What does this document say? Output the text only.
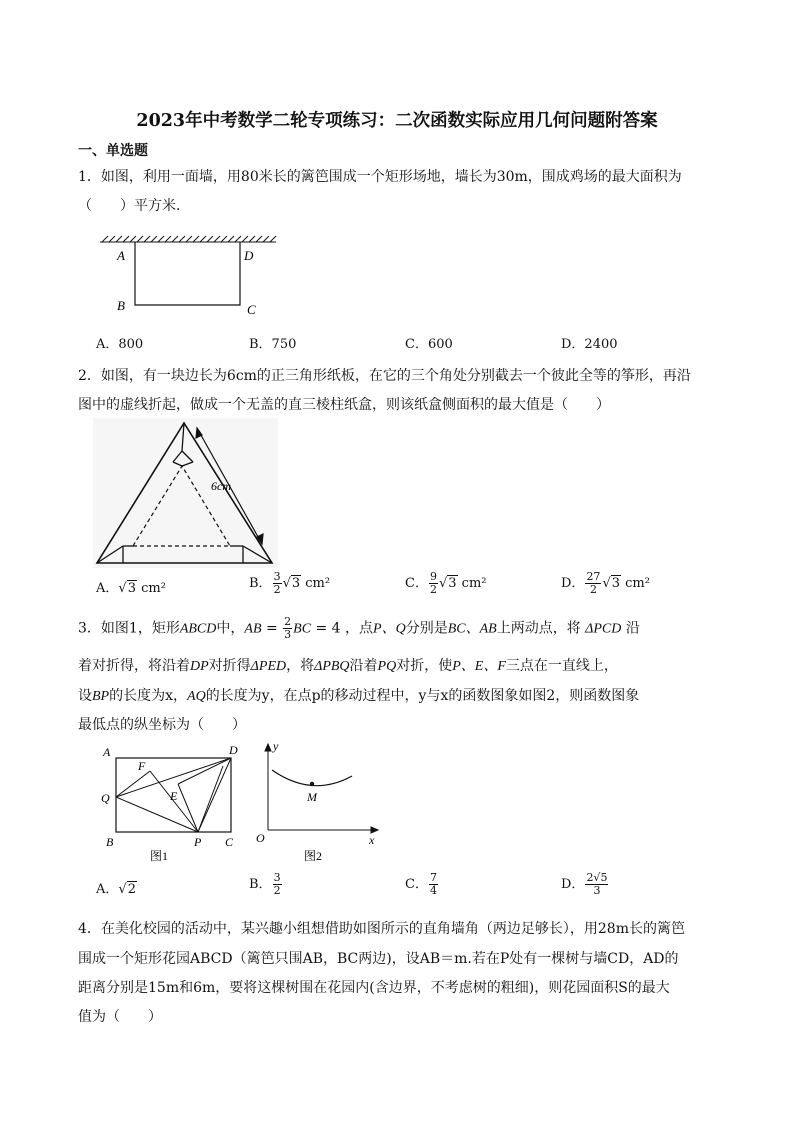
2023年中考数学二轮专项练习：二次函数实际应用几何问题附答案
一、单选题
1．如图，利用一面墙，用80米长的篱笆围成一个矩形场地，墙长为30m，围成鸡场的最大面积为
（　　）平方米．
A	D
B	C
A．800	B．750	C．600	D．2400
2．如图，有一块边长为6cm的正三角形纸板，在它的三个角处分别截去一个彼此全等的筝形，再沿
图中的虚线折起，做成一个无盖的直三棱柱纸盒，则该纸盒侧面积的最大值是（　　）
6cm
A．√3 cm²	B． $\frac{3}{2} √3$ cm²	C． $\frac{9}{2} √3$ cm²	D． $\frac{27}{2} √3$ cm²
3．如图1，矩形ABCD中，AB = $\frac{2}{3}$ BC = 4 ，点P、Q分别是BC、AB上两动点，将 ΔPCD 沿
着对折得，将沿着DP对折得ΔPED，将ΔPBQ沿着PQ对折，使P、E、F三点在一直线上，
设BP的长度为x，AQ的长度为y，在点p的移动过程中，y与x的函数图象如图2，则函数图象
最低点的纵坐标为（　　）
A	D
F
Q	E
B	P C
图1
y
x
O
M
图2
A．√2	B． $\frac{3}{2}$	C． $\frac{7}{4}$	D． $\frac{2√5}{3}$
4．在美化校园的活动中，某兴趣小组想借助如图所示的直角墙角（两边足够长），用28m长的篱笆
围成一个矩形花园ABCD（篱笆只围AB，BC两边)，设AB＝m.若在P处有一棵树与墙CD，AD的
距离分别是15m和6m，要将这棵树围在花园内(含边界，不考虑树的粗细)，则花园面积S的最大
值为（　　）
